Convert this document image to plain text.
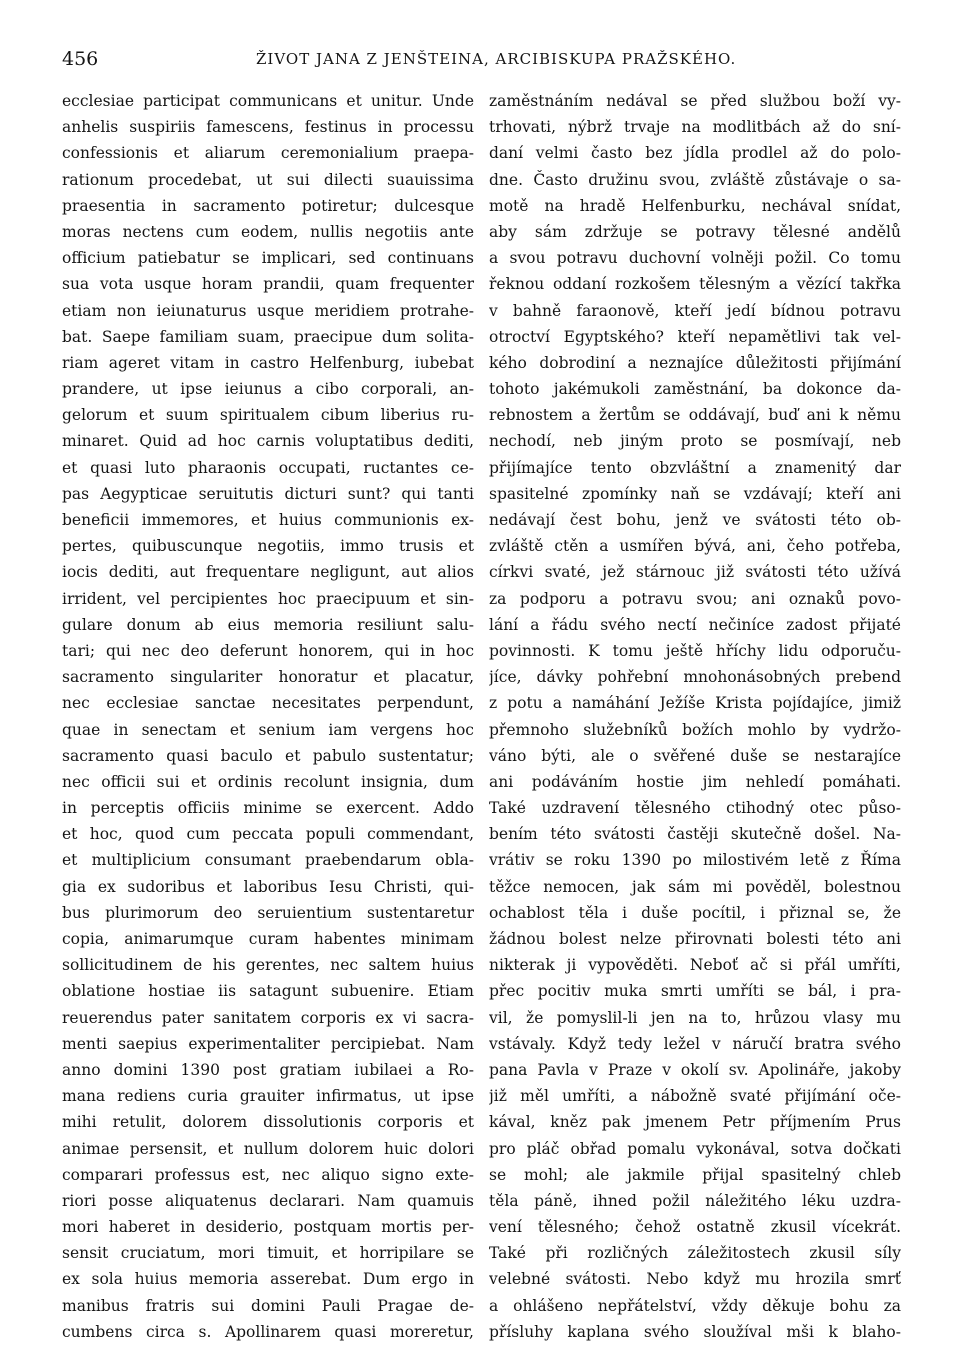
456	ŽIVOT JANA Z JENŠTEINA, ARCIBISKUPA PRAŽSKÉHO.
ecclesiae participat communicans et unitur. Unde
anhelis suspiriis famescens, festinus in processu
confessionis et aliarum ceremonialium praepa-
rationum procedebat, ut sui dilecti suauissima
praesentia in sacramento potiretur; dulcesque
moras nectens cum eodem, nullis negotiis ante
officium patiebatur se implicari, sed continuans
sua vota usque horam prandii, quam frequenter
etiam non ieiunaturus usque meridiem protrahe-
bat. Saepe familiam suam, praecipue dum solita-
riam ageret vitam in castro Helfenburg, iubebat
prandere, ut ipse ieiunus a cibo corporali, an-
gelorum et suum spiritualem cibum liberius ru-
minaret. Quid ad hoc carnis voluptatibus dediti,
et quasi luto pharaonis occupati, ructantes ce-
pas Aegypticae seruitutis dicturi sunt? qui tanti
beneficii immemores, et huius communionis ex-
pertes, quibuscunque negotiis, immo trusis et
iocis dediti, aut frequentare negligunt, aut alios
irrident, vel percipientes hoc praecipuum et sin-
gulare donum ab eius memoria resiliunt salu-
tari; qui nec deo deferunt honorem, qui in hoc
sacramento singulariter honoratur et placatur,
nec ecclesiae sanctae necesitates perpendunt,
quae in senectam et senium iam vergens hoc
sacramento quasi baculo et pabulo sustentatur;
nec officii sui et ordinis recolunt insignia, dum
in perceptis officiis minime se exercent. Addo
et hoc, quod cum peccata populi commendant,
et multiplicium consumant praebendarum obla-
gia ex sudoribus et laboribus Iesu Christi, qui-
bus plurimorum deo seruientium sustentaretur
copia, animarumque curam habentes minimam
sollicitudinem de his gerentes, nec saltem huius
oblatione hostiae iis satagunt subuenire. Etiam
reuerendus pater sanitatem corporis ex vi sacra-
menti saepius experimentaliter percipiebat. Nam
anno domini 1390 post gratiam iubilaei a Ro-
mana rediens curia grauiter infirmatus, ut ipse
mihi retulit, dolorem dissolutionis corporis et
animae persensit, et nullum dolorem huic dolori
comparari professus est, nec aliquo signo exte-
riori posse aliquatenus declarari. Nam quamuis
mori haberet in desiderio, postquam mortis per-
sensit cruciatum, mori timuit, et horripilare se
ex sola huius memoria asserebat. Dum ergo in
manibus fratris sui domini Pauli Pragae de-
cumbens circa s. Apollinarem quasi moreretur,
zaměstnáním nedával se před službou boží vy-
trhovati, nýbrž trvaje na modlitbách až do sní-
daní velmi často bez jídla prodlel až do polo-
dne. Často družinu svou, zvláště zůstávaje o sa-
motě na hradě Helfenburku, nechával snídat,
aby sám zdržuje se potravy tělesné andělů
a svou potravu duchovní volněji požil. Co tomu
řeknou oddaní rozkošem tělesným a vězící takřka
v bahně faraonově, kteří jedí bídnou potravu
otroctví Egyptského? kteří nepamětlivi tak vel-
kého dobrodiní a neznajíce důležitosti přijímání
tohoto jakémukoli zaměstnání, ba dokonce da-
rebnostem a žertům se oddávají, buď ani k němu
nechodí, neb jiným proto se posmívají, neb
přijímajíce tento obzvláštní a znamenitý dar
spasitelné zpomínky naň se vzdávají; kteří ani
nedávají čest bohu, jenž ve svátosti této ob-
zvláště ctěn a usmířen bývá, ani, čeho potřeba,
církvi svaté, jež stárnouc již svátosti této užívá
za podporu a potravu svou; ani oznaků povo-
lání a řádu svého nectí nečiníce zadost přijaté
povinnosti. K tomu ještě hříchy lidu odporuču-
jíce, dávky pohřební mnohonásobných prebend
z potu a namáhání Ježíše Krista pojídajíce, jimiž
přemnoho služebníků božích mohlo by vydržo-
váno býti, ale o svěřené duše se nestarajíce
ani podáváním hostie jim nehledí pomáhati.
Také uzdravení tělesného ctihodný otec půso-
bením této svátosti častěji skutečně došel. Na-
vrátiv se roku 1390 po milostivém letě z Říma
těžce nemocen, jak sám mi pověděl, bolestnou
ochablost těla i duše pocítil, i přiznal se, že
žádnou bolest nelze přirovnati bolesti této ani
nikterak ji vypověděti. Neboť ač si přál umříti,
přec pocitiv muka smrti umříti se bál, i pra-
vil, že pomyslil-li jen na to, hrůzou vlasy mu
vstávaly. Když tedy ležel v náručí bratra svého
pana Pavla v Praze v okolí sv. Apolináře, jakoby
již měl umříti, a nábožně svaté přijímání oče-
kával, kněz pak jmenem Petr příjmením Prus
pro pláč obřad pomalu vykonával, sotva dočkati
se mohl; ale jakmile přijal spasitelný chleb
těla páně, ihned požil náležitého léku uzdra-
vení tělesného; čehož ostatně zkusil vícekrát.
Také při rozličných záležitostech zkusil síly
velebné svátosti. Nebo když mu hrozila smrť
a ohlášeno nepřátelství, vždy děkuje bohu za
přísluhy kaplana svého sloužíval mši k blaho-
